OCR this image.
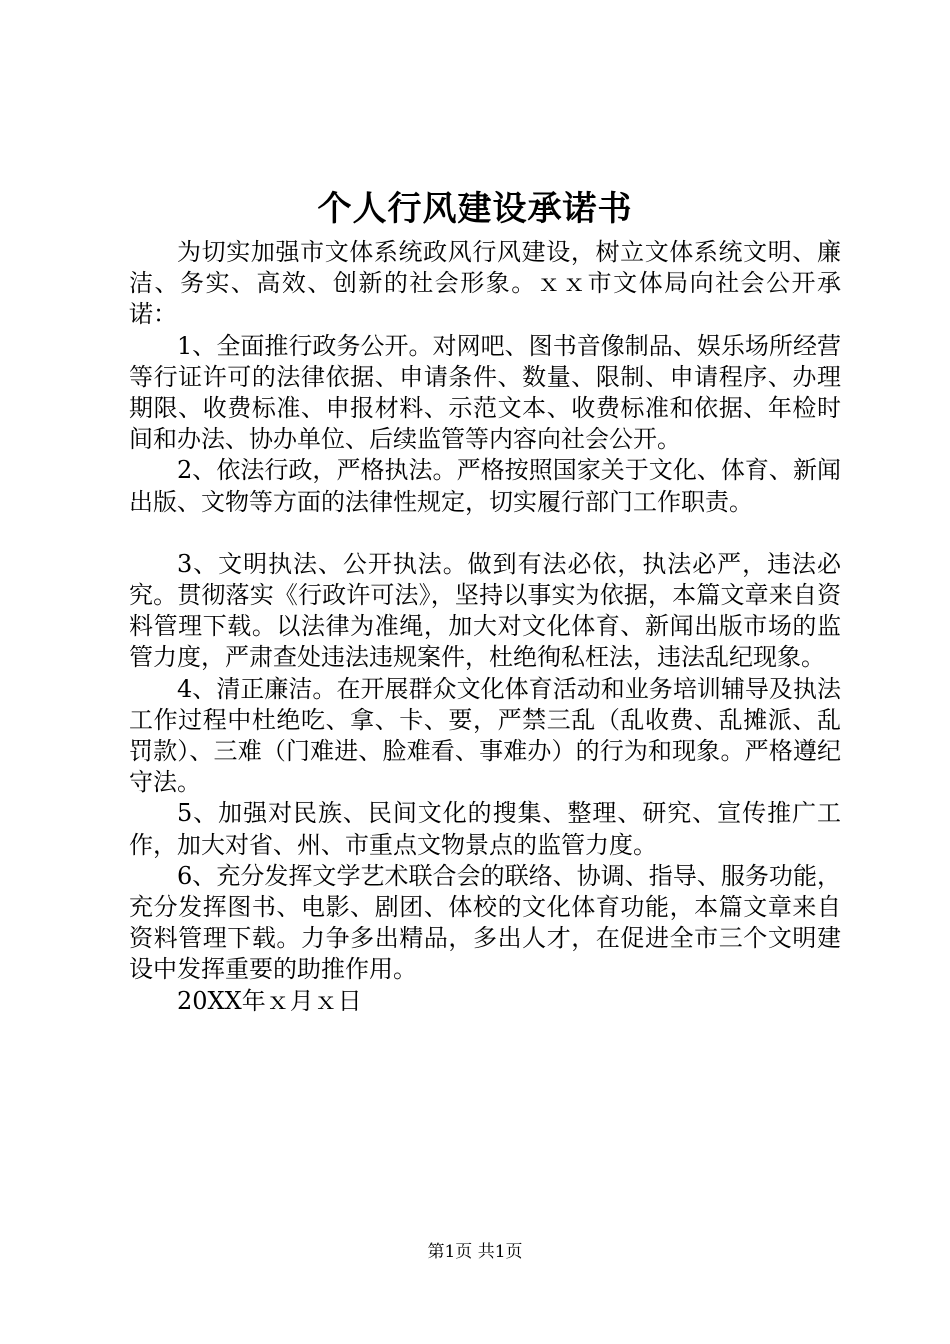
个人行风建设承诺书

为切实加强市文体系统政风行风建设，树立文体系统文明、廉洁、务实、高效、创新的社会形象。ｘｘ市文体局向社会公开承诺：

1、全面推行政务公开。对网吧、图书音像制品、娱乐场所经营等行证许可的法律依据、申请条件、数量、限制、申请程序、办理期限、收费标准、申报材料、示范文本、收费标准和依据、年检时间和办法、协办单位、后续监管等内容向社会公开。

2、依法行政，严格执法。严格按照国家关于文化、体育、新闻出版、文物等方面的法律性规定，切实履行部门工作职责。

3、文明执法、公开执法。做到有法必依，执法必严，违法必究。贯彻落实《行政许可法》，坚持以事实为依据，本篇文章来自资料管理下载。以法律为准绳，加大对文化体育、新闻出版市场的监管力度，严肃查处违法违规案件，杜绝徇私枉法，违法乱纪现象。

4、清正廉洁。在开展群众文化体育活动和业务培训辅导及执法工作过程中杜绝吃、拿、卡、要，严禁三乱（乱收费、乱摊派、乱罚款）、三难（门难进、脸难看、事难办）的行为和现象。严格遵纪守法。

5、加强对民族、民间文化的搜集、整理、研究、宣传推广工作，加大对省、州、市重点文物景点的监管力度。

6、充分发挥文学艺术联合会的联络、协调、指导、服务功能，充分发挥图书、电影、剧团、体校的文化体育功能，本篇文章来自资料管理下载。力争多出精品，多出人才，在促进全市三个文明建设中发挥重要的助推作用。

20XX年ｘ月ｘ日

第1页 共1页
